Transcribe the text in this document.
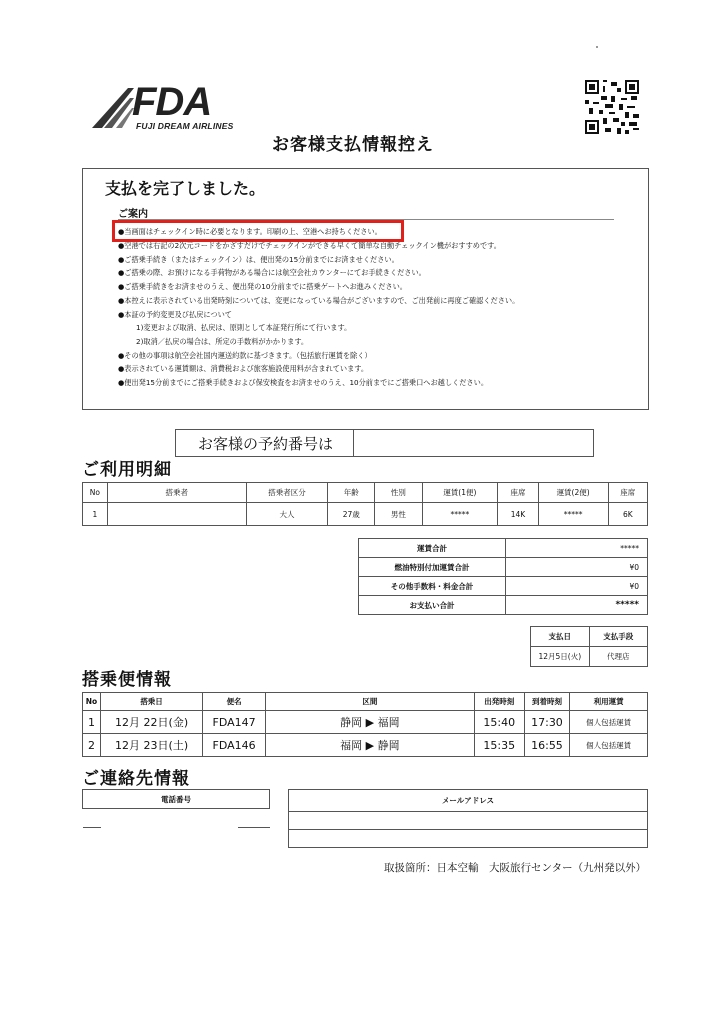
FDA
FUJI DREAM AIRLINES
お客様支払情報控え
支払を完了しました。
ご案内
●当画面はチェックイン時に必要となります。印刷の上、空港へお持ちください。
●空港では右記の2次元コードをかざすだけでチェックインができる早くて簡単な自動チェックイン機がおすすめです。
●ご搭乗手続き（またはチェックイン）は、便出発の15分前までにお済ませください。
●ご搭乗の際、お預けになる手荷物がある場合には航空会社カウンターにてお手続きください。
●ご搭乗手続きをお済ませのうえ、便出発の10分前までに搭乗ゲートへお進みください。
●本控えに表示されている出発時刻については、変更になっている場合がございますので、ご出発前に再度ご確認ください。
●本証の予約変更及び払戻について
1)変更および取消、払戻は、原則として本証発行所にて行います。
2)取消／払戻の場合は、所定の手数料がかかります。
●その他の事項は航空会社国内運送約款に基づきます。（包括旅行運賃を除く）
●表示されている運賃額は、消費税および旅客施設使用料が含まれています。
●便出発15分前までにご搭乗手続きおよび保安検査をお済ませのうえ、10分前までにご搭乗口へお越しください。
お客様の予約番号は
ご利用明細
No	搭乗者	搭乗者区分	年齢	性別	運賃(1便)	座席	運賃(2便)	座席
1		大人	27歳	男性	*****	14K	*****	6K
運賃合計	*****
燃油特別付加運賃合計	¥0
その他手数料・料金合計	¥0
お支払い合計	*****
支払日	支払手段
12月5日(火)	代理店
搭乗便情報
No	搭乗日	便名	区間	出発時刻	到着時刻	利用運賃
1	12月 22日(金)	FDA147	静岡 ▶ 福岡	15:40	17:30	個人包括運賃
2	12月 23日(土)	FDA146	福岡 ▶ 静岡	15:35	16:55	個人包括運賃
ご連絡先情報
電話番号	メールアドレス

取扱箇所：日本空輸　大阪旅行センター（九州発以外）
